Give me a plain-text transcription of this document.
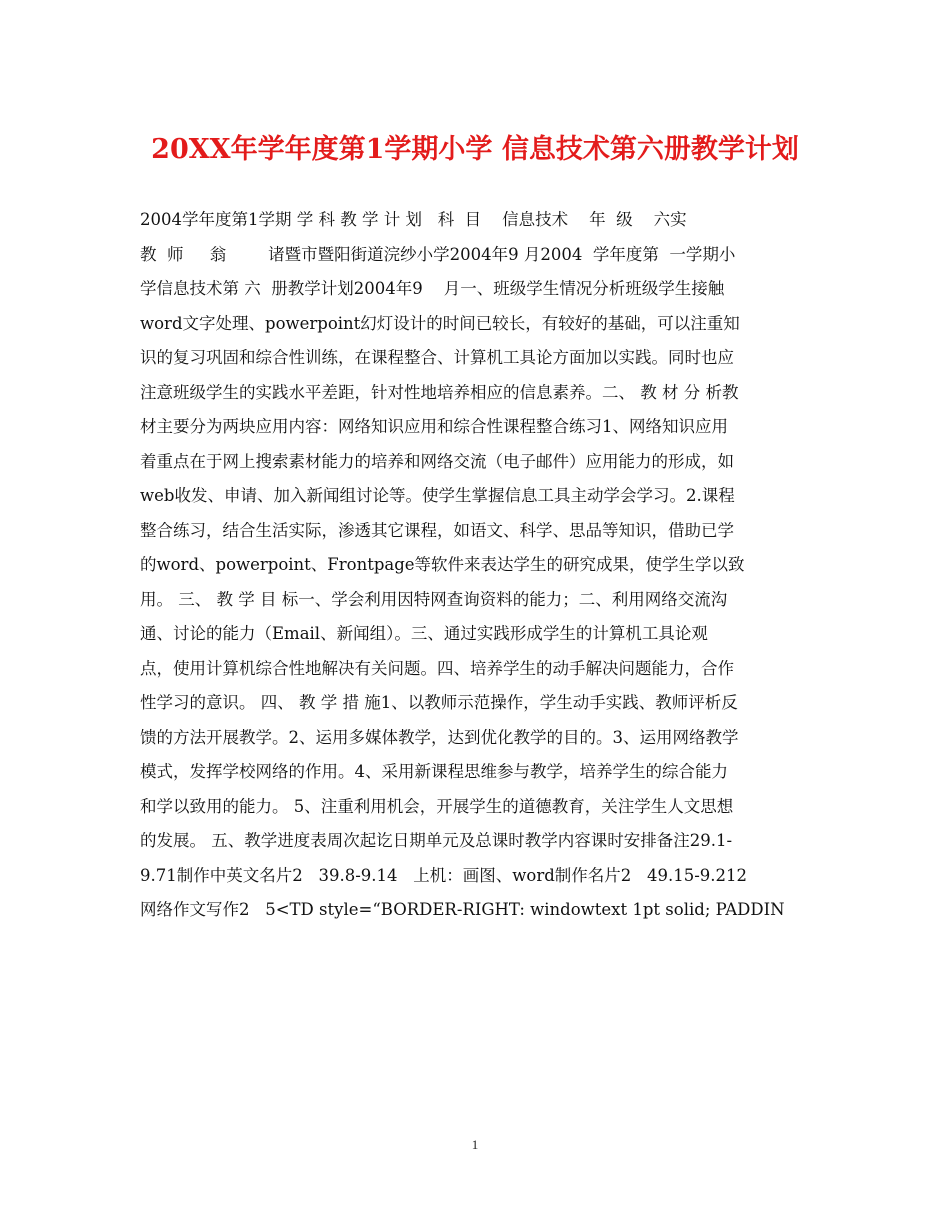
20XX年学年度第1学期小学 信息技术第六册教学计划
2004学年度第1学期 学 科 教 学 计 划   科  目    信息技术    年  级    六实
教  师     翁        诸暨市暨阳街道浣纱小学2004年9 月2004  学年度第  一学期小
学信息技术第 六  册教学计划2004年9    月一、班级学生情况分析班级学生接触
word文字处理、powerpoint幻灯设计的时间已较长，有较好的基础，可以注重知
识的复习巩固和综合性训练，在课程整合、计算机工具论方面加以实践。同时也应
注意班级学生的实践水平差距，针对性地培养相应的信息素养。二、 教 材 分 析教
材主要分为两块应用内容：网络知识应用和综合性课程整合练习1、网络知识应用
着重点在于网上搜索素材能力的培养和网络交流（电子邮件）应用能力的形成，如
web收发、申请、加入新闻组讨论等。使学生掌握信息工具主动学会学习。2.课程
整合练习，结合生活实际，渗透其它课程，如语文、科学、思品等知识，借助已学
的word、powerpoint、Frontpage等软件来表达学生的研究成果，使学生学以致
用。 三、 教 学 目 标一、学会利用因特网查询资料的能力；二、利用网络交流沟
通、讨论的能力（Email、新闻组）。三、通过实践形成学生的计算机工具论观
点，使用计算机综合性地解决有关问题。四、培养学生的动手解决问题能力，合作
性学习的意识。 四、 教 学 措 施1、以教师示范操作，学生动手实践、教师评析反
馈的方法开展教学。2、运用多媒体教学，达到优化教学的目的。3、运用网络教学
模式，发挥学校网络的作用。4、采用新课程思维参与教学，培养学生的综合能力
和学以致用的能力。 5、注重利用机会，开展学生的道德教育，关注学生人文思想
的发展。 五、教学进度表周次起讫日期单元及总课时教学内容课时安排备注29.1-
9.71制作中英文名片2   39.8-9.14   上机：画图、word制作名片2   49.15-9.212
网络作文写作2   5<TD style=“BORDER-RIGHT: windowtext 1pt solid; PADDIN
1
